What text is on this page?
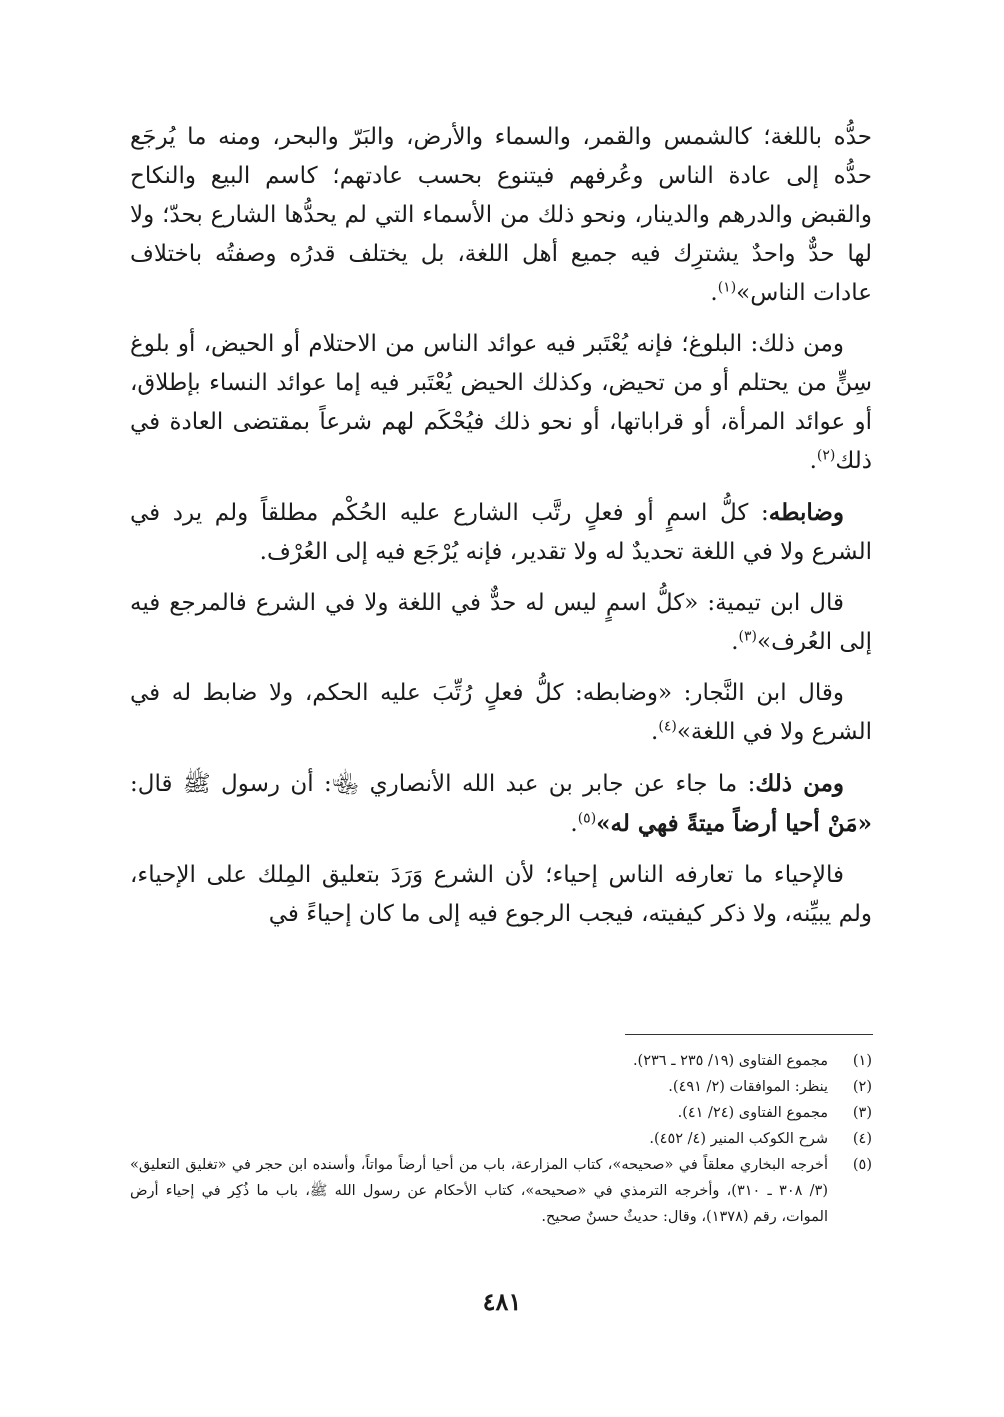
حدُّه باللغة؛ كالشمس والقمر، والسماء والأرض، والبَرّ والبحر، ومنه ما يُرجَع حدُّه إلى عادة الناس وعُرفهم فيتنوع بحسب عادتهم؛ كاسم البيع والنكاح والقبض والدرهم والدينار، ونحو ذلك من الأسماء التي لم يحدُّها الشارع بحدّ؛ ولا لها حدٌّ واحدٌ يشترِك فيه جميع أهل اللغة، بل يختلف قدرُه وصفتُه باختلاف عادات الناس»$^{(١)}$.

ومن ذلك: البلوغ؛ فإنه يُعْتَبر فيه عوائد الناس من الاحتلام أو الحيض، أو بلوغ سِنٍّ من يحتلم أو من تحيض، وكذلك الحيض يُعْتَبر فيه إما عوائد النساء بإطلاق، أو عوائد المرأة، أو قراباتها، أو نحو ذلك فيُحْكَم لهم شرعاً بمقتضى العادة في ذلك$^{(٢)}$.

وضابطه: كلُّ اسمٍ أو فعلٍ رتَّب الشارع عليه الحُكْم مطلقاً ولم يرد في الشرع ولا في اللغة تحديدٌ له ولا تقدير، فإنه يُرْجَع فيه إلى العُرْف.

قال ابن تيمية: «كلُّ اسمٍ ليس له حدٌّ في اللغة ولا في الشرع فالمرجع فيه إلى العُرف»$^{(٣)}$.

وقال ابن النَّجار: «وضابطه: كلُّ فعلٍ رُتِّبَ عليه الحكم، ولا ضابط له في الشرع ولا في اللغة»$^{(٤)}$.

ومن ذلك: ما جاء عن جابر بن عبد الله الأنصاري ﵄: أن رسول ﷺ قال: «مَنْ أحيا أرضاً ميتةً فهي له»$^{(٥)}$.

فالإحياء ما تعارفه الناس إحياء؛ لأن الشرع وَرَدَ بتعليق المِلك على الإحياء، ولم يبيِّنه، ولا ذكر كيفيته، فيجب الرجوع فيه إلى ما كان إحياءً في

(١)
مجموع الفتاوى (١٩/ ٢٣٥ ـ ٢٣٦).
(٢)
ينظر: الموافقات (٢/ ٤٩١).
(٣)
مجموع الفتاوى (٢٤/ ٤١).
(٤)
شرح الكوكب المنير (٤/ ٤٥٢).
(٥)
أخرجه البخاري معلقاً في «صحيحه»، كتاب المزارعة، باب من أحيا أرضاً مواتاً، وأسنده ابن حجر في «تغليق التعليق» (٣/ ٣٠٨ ـ ٣١٠)، وأخرجه الترمذي في «صحيحه»، كتاب الأحكام عن رسول الله ﷺ، باب ما ذُكِر في إحياء أرض الموات، رقم (١٣٧٨)، وقال: حديثٌ حسنٌ صحيح.
٤٨١
